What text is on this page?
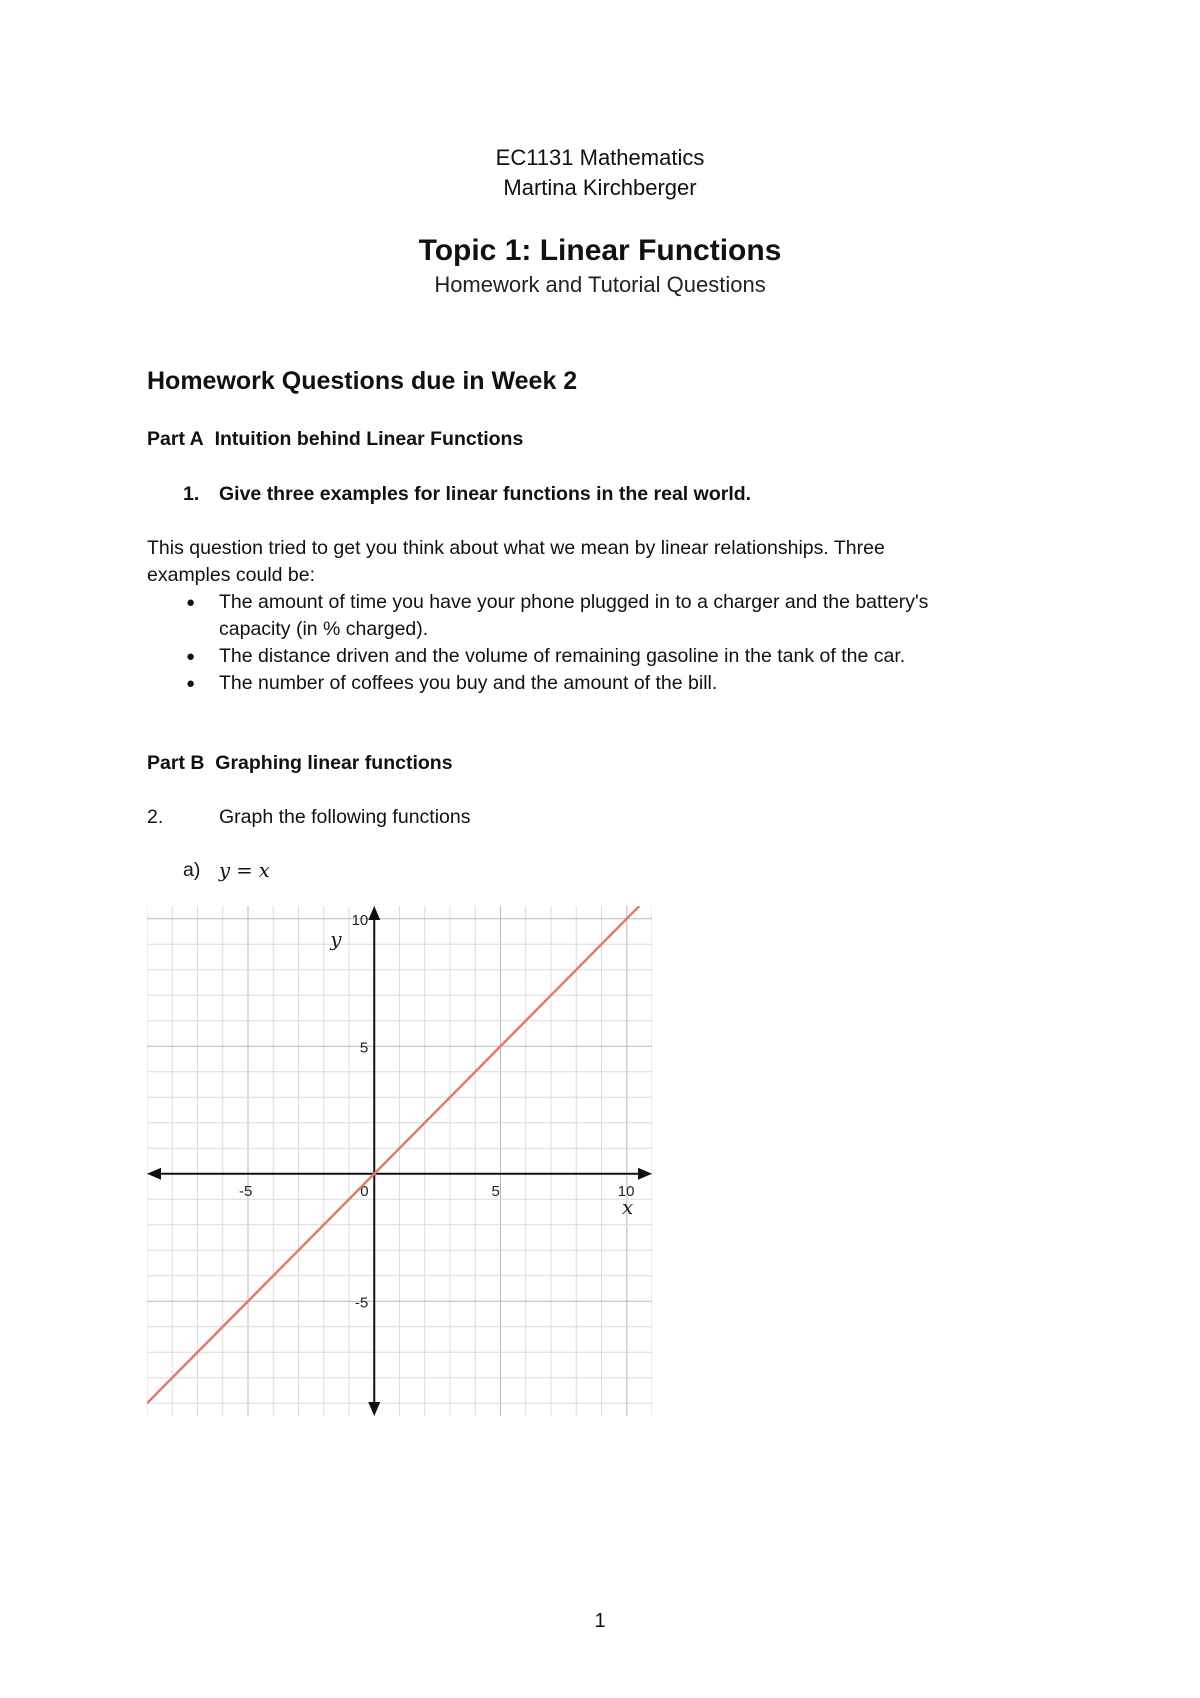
EC1131 Mathematics
Martina Kirchberger
Topic 1: Linear Functions
Homework and Tutorial Questions
Homework Questions due in Week 2
Part A Intuition behind Linear Functions
1. Give three examples for linear functions in the real world.
This question tried to get you think about what we mean by linear relationships. Three
examples could be:
● The amount of time you have your phone plugged in to a charger and the battery's
capacity (in % charged).
● The distance driven and the volume of remaining gasoline in the tank of the car.
● The number of coffees you buy and the amount of the bill.
Part B Graphing linear functions
2.	Graph the following functions
a) y = x
-5	0	5	10
-5
5
10
x
y
1
